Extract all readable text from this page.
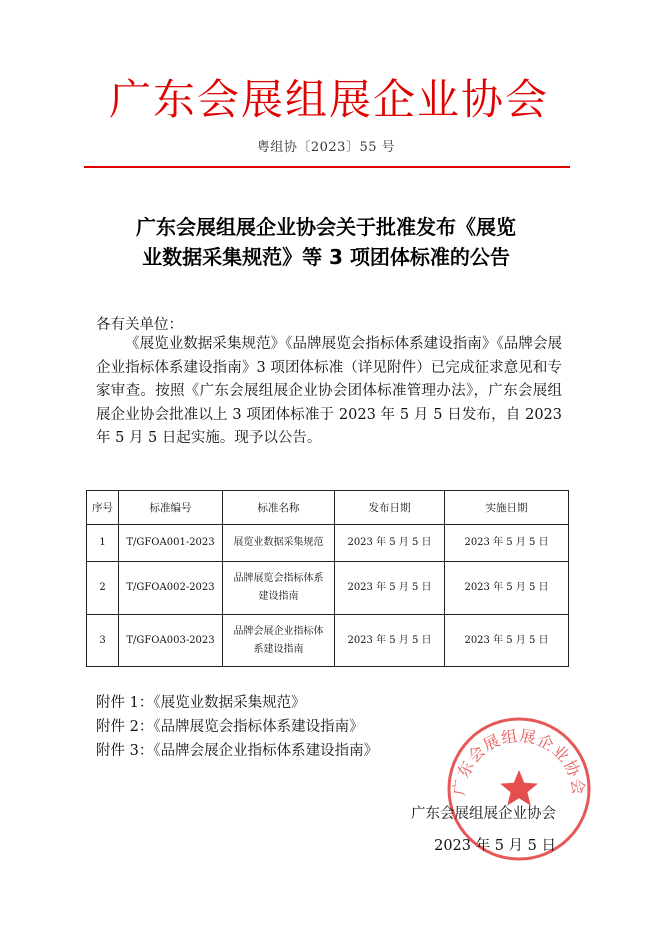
广东会展组展企业协会
粤组协〔2023〕55 号
广东会展组展企业协会关于批准发布《展览
业数据采集规范》等 3 项团体标准的公告
各有关单位：
《展览业数据采集规范》《品牌展览会指标体系建设指南》《品牌会展企业指标体系建设指南》3 项团体标准（详见附件）已完成征求意见和专家审查。按照《广东会展组展企业协会团体标准管理办法》，广东会展组展企业协会批准以上 3 项团体标准于 2023 年 5 月 5 日发布，自 2023 年 5 月 5 日起实施。现予以公告。
序号	标准编号	标准名称	发布日期	实施日期
1	T/GFOA001-2023	展览业数据采集规范	2023 年 5 月 5 日	2023 年 5 月 5 日
2	T/GFOA002-2023	品牌展览会指标体系建设指南	2023 年 5 月 5 日	2023 年 5 月 5 日
3	T/GFOA003-2023	品牌会展企业指标体系建设指南	2023 年 5 月 5 日	2023 年 5 月 5 日
附件 1：《展览业数据采集规范》
附件 2：《品牌展览会指标体系建设指南》
附件 3：《品牌会展企业指标体系建设指南》
广东会展组展企业协会
广东会展组展企业协会
2023 年 5 月 5 日
